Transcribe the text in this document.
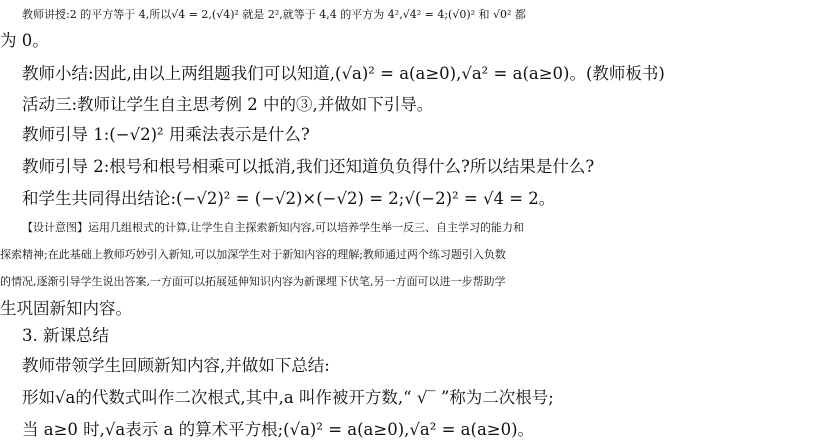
教师讲授:2 的平方等于 4,所以√4 = 2,(√4)² 就是 2²,就等于 4,4 的平方为 4²,√4² = 4;(√0)² 和 √0² 都
为 0。
教师小结:因此,由以上两组题我们可以知道,(√a)² = a(a≥0),√a² = a(a≥0)。(教师板书)
活动三:教师让学生自主思考例 2 中的③,并做如下引导。
教师引导 1:(−√2)² 用乘法表示是什么?
教师引导 2:根号和根号相乘可以抵消,我们还知道负负得什么?所以结果是什么?
和学生共同得出结论:(−√2)² = (−√2)×(−√2) = 2;√(−2)² = √4 = 2。
【设计意图】运用几组根式的计算,让学生自主探索新知内容,可以培养学生举一反三、自主学习的能力和
探索精神;在此基础上教师巧妙引入新知,可以加深学生对于新知内容的理解;教师通过两个练习题引入负数
的情况,逐渐引导学生说出答案,一方面可以拓展延伸知识内容为新课埋下伏笔,另一方面可以进一步帮助学
生巩固新知内容。
3. 新课总结
教师带领学生回顾新知内容,并做如下总结:
形如√a的代数式叫作二次根式,其中,a 叫作被开方数,“ √‾ ”称为二次根号;
当 a≥0 时,√a表示 a 的算术平方根;(√a)² = a(a≥0),√a² = a(a≥0)。
